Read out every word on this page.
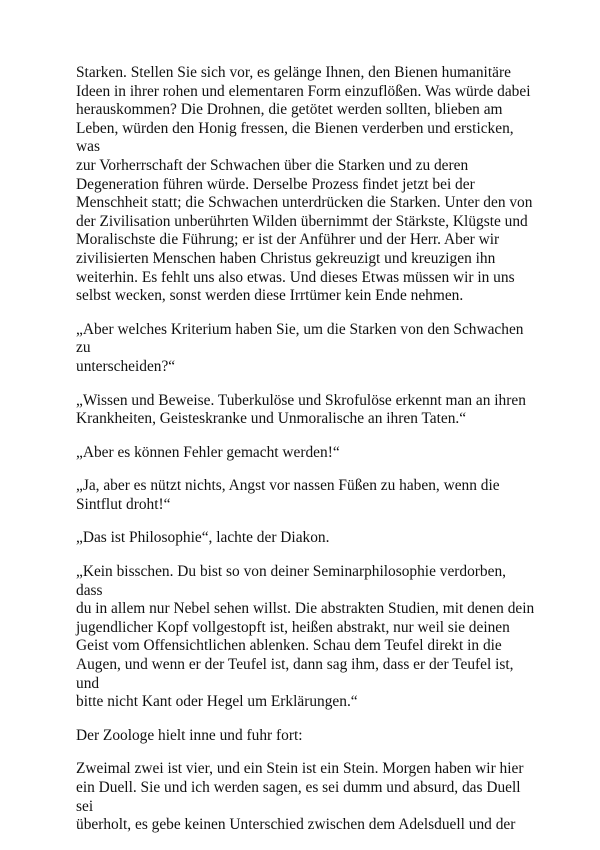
Starken. Stellen Sie sich vor, es gelänge Ihnen, den Bienen humanitäre
Ideen in ihrer rohen und elementaren Form einzuflößen. Was würde dabei
herauskommen? Die Drohnen, die getötet werden sollten, blieben am
Leben, würden den Honig fressen, die Bienen verderben und ersticken, was
zur Vorherrschaft der Schwachen über die Starken und zu deren
Degeneration führen würde. Derselbe Prozess findet jetzt bei der
Menschheit statt; die Schwachen unterdrücken die Starken. Unter den von
der Zivilisation unberührten Wilden übernimmt der Stärkste, Klügste und
Moralischste die Führung; er ist der Anführer und der Herr. Aber wir
zivilisierten Menschen haben Christus gekreuzigt und kreuzigen ihn
weiterhin. Es fehlt uns also etwas. Und dieses Etwas müssen wir in uns
selbst wecken, sonst werden diese Irrtümer kein Ende nehmen.

„Aber welches Kriterium haben Sie, um die Starken von den Schwachen zu
unterscheiden?“

„Wissen und Beweise. Tuberkulöse und Skrofulöse erkennt man an ihren
Krankheiten, Geisteskranke und Unmoralische an ihren Taten.“

„Aber es können Fehler gemacht werden!“

„Ja, aber es nützt nichts, Angst vor nassen Füßen zu haben, wenn die
Sintflut droht!“

„Das ist Philosophie“, lachte der Diakon.

„Kein bisschen. Du bist so von deiner Seminarphilosophie verdorben, dass
du in allem nur Nebel sehen willst. Die abstrakten Studien, mit denen dein
jugendlicher Kopf vollgestopft ist, heißen abstrakt, nur weil sie deinen
Geist vom Offensichtlichen ablenken. Schau dem Teufel direkt in die
Augen, und wenn er der Teufel ist, dann sag ihm, dass er der Teufel ist, und
bitte nicht Kant oder Hegel um Erklärungen.“

Der Zoologe hielt inne und fuhr fort:

Zweimal zwei ist vier, und ein Stein ist ein Stein. Morgen haben wir hier
ein Duell. Sie und ich werden sagen, es sei dumm und absurd, das Duell sei
überholt, es gebe keinen Unterschied zwischen dem Adelsduell und der
